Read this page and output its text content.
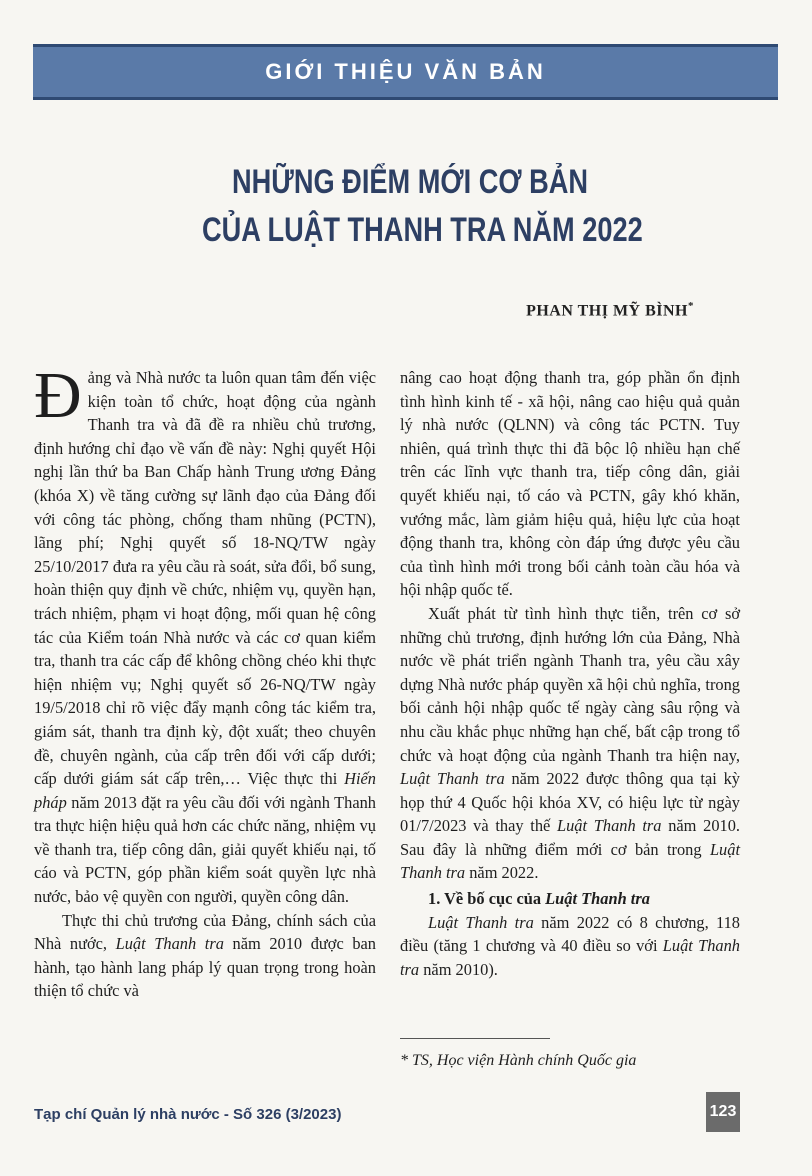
GIỚI THIỆU VĂN BẢN
NHỮNG ĐIỂM MỚI CƠ BẢN
CỦA LUẬT THANH TRA NĂM 2022
PHAN THỊ MỸ BÌNH*

Đảng và Nhà nước ta luôn quan tâm đến việc kiện toàn tổ chức, hoạt động của ngành Thanh tra và đã đề ra nhiều chủ trương, định hướng chỉ đạo về vấn đề này: Nghị quyết Hội nghị lần thứ ba Ban Chấp hành Trung ương Đảng (khóa X) về tăng cường sự lãnh đạo của Đảng đối với công tác phòng, chống tham nhũng (PCTN), lãng phí; Nghị quyết số 18-NQ/TW ngày 25/10/2017 đưa ra yêu cầu rà soát, sửa đổi, bổ sung, hoàn thiện quy định về chức, nhiệm vụ, quyền hạn, trách nhiệm, phạm vi hoạt động, mối quan hệ công tác của Kiểm toán Nhà nước và các cơ quan kiểm tra, thanh tra các cấp để không chồng chéo khi thực hiện nhiệm vụ; Nghị quyết số 26-NQ/TW ngày 19/5/2018 chỉ rõ việc đẩy mạnh công tác kiểm tra, giám sát, thanh tra định kỳ, đột xuất; theo chuyên đề, chuyên ngành, của cấp trên đối với cấp dưới; cấp dưới giám sát cấp trên,… Việc thực thi Hiến pháp năm 2013 đặt ra yêu cầu đối với ngành Thanh tra thực hiện hiệu quả hơn các chức năng, nhiệm vụ về thanh tra, tiếp công dân, giải quyết khiếu nại, tố cáo và PCTN, góp phần kiểm soát quyền lực nhà nước, bảo vệ quyền con người, quyền công dân.

Thực thi chủ trương của Đảng, chính sách của Nhà nước, Luật Thanh tra năm 2010 được ban hành, tạo hành lang pháp lý quan trọng trong hoàn thiện tổ chức và

nâng cao hoạt động thanh tra, góp phần ổn định tình hình kinh tế - xã hội, nâng cao hiệu quả quản lý nhà nước (QLNN) và công tác PCTN. Tuy nhiên, quá trình thực thi đã bộc lộ nhiều hạn chế trên các lĩnh vực thanh tra, tiếp công dân, giải quyết khiếu nại, tố cáo và PCTN, gây khó khăn, vướng mắc, làm giảm hiệu quả, hiệu lực của hoạt động thanh tra, không còn đáp ứng được yêu cầu của tình hình mới trong bối cảnh toàn cầu hóa và hội nhập quốc tế.

Xuất phát từ tình hình thực tiễn, trên cơ sở những chủ trương, định hướng lớn của Đảng, Nhà nước về phát triển ngành Thanh tra, yêu cầu xây dựng Nhà nước pháp quyền xã hội chủ nghĩa, trong bối cảnh hội nhập quốc tế ngày càng sâu rộng và nhu cầu khắc phục những hạn chế, bất cập trong tổ chức và hoạt động của ngành Thanh tra hiện nay, Luật Thanh tra năm 2022 được thông qua tại kỳ họp thứ 4 Quốc hội khóa XV, có hiệu lực từ ngày 01/7/2023 và thay thế Luật Thanh tra năm 2010. Sau đây là những điểm mới cơ bản trong Luật Thanh tra năm 2022.

1. Về bố cục của Luật Thanh tra

Luật Thanh tra năm 2022 có 8 chương, 118 điều (tăng 1 chương và 40 điều so với Luật Thanh tra năm 2010).

* TS, Học viện Hành chính Quốc gia
Tạp chí Quản lý nhà nước - Số 326 (3/2023)	123
